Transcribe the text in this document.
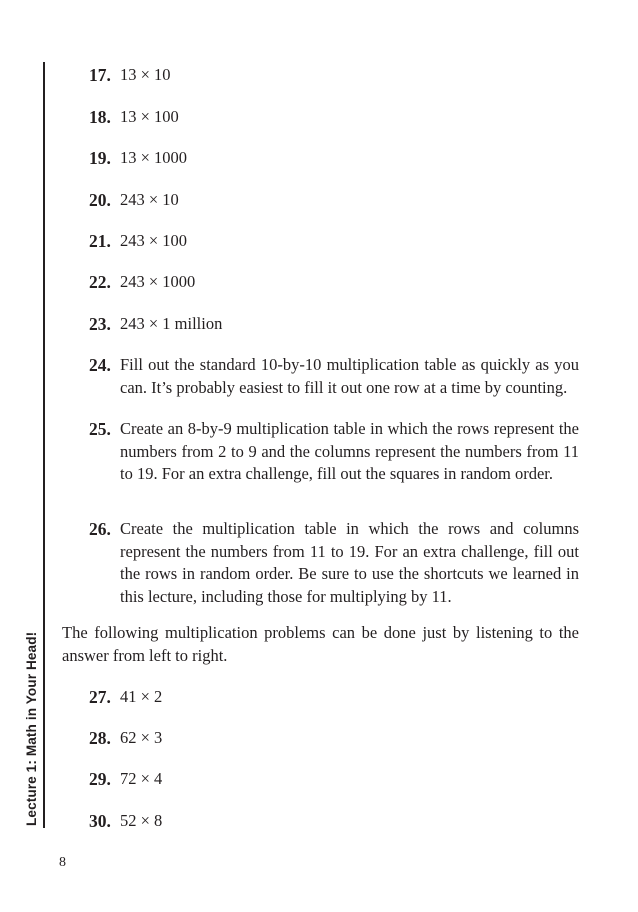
Lecture 1: Math in Your Head!
17. 13 × 10
18. 13 × 100
19. 13 × 1000
20. 243 × 10
21. 243 × 100
22. 243 × 1000
23. 243 × 1 million
24. Fill out the standard 10-by-10 multiplication table as quickly as you can. It’s probably easiest to fill it out one row at a time by counting.
25. Create an 8-by-9 multiplication table in which the rows represent the numbers from 2 to 9 and the columns represent the numbers from 11 to 19. For an extra challenge, fill out the squares in random order.
26. Create the multiplication table in which the rows and columns represent the numbers from 11 to 19. For an extra challenge, fill out the rows in random order. Be sure to use the shortcuts we learned in this lecture, including those for multiplying by 11.
The following multiplication problems can be done just by listening to the answer from left to right.
27. 41 × 2
28. 62 × 3
29. 72 × 4
30. 52 × 8
8
